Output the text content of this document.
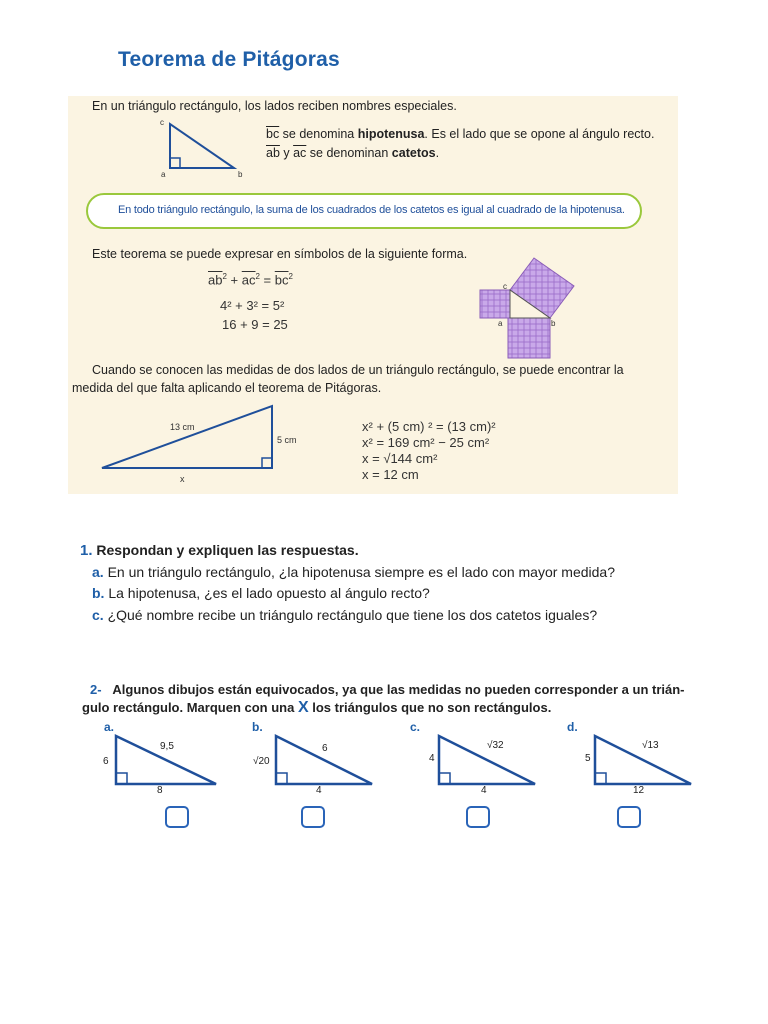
Teorema de Pitágoras
En un triángulo rectángulo, los lados reciben nombres especiales.
c
a	b
$\overline{bc}$ se denomina hipotenusa. Es el lado que se opone al ángulo recto.
$\overline{ab}$ y $\overline{ac}$ se denominan catetos.
En todo triángulo rectángulo, la suma de los cuadrados de los catetos es igual al cuadrado de la hipotenusa.
Este teorema se puede expresar en símbolos de la siguiente forma.
$\overline{ab}^2 + \overline{ac}^2 = \overline{bc}^2$
4² + 3² = 5²
16 + 9 = 25
c
a	b
Cuando se conocen las medidas de dos lados de un triángulo rectángulo, se puede encontrar la
medida del que falta aplicando el teorema de Pitágoras.
13 cm
5 cm
x
x² + (5 cm) ² = (13 cm)²
x² = 169 cm² − 25 cm²
x = √144 cm²
x = 12 cm
1. Respondan y expliquen las respuestas.
a. En un triángulo rectángulo, ¿la hipotenusa siempre es el lado con mayor medida?
b. La hipotenusa, ¿es el lado opuesto al ángulo recto?
c. ¿Qué nombre recibe un triángulo rectángulo que tiene los dos catetos iguales?
2- Algunos dibujos están equivocados, ya que las medidas no pueden corresponder a un trián-
gulo rectángulo. Marquen con una X los triángulos que no son rectángulos.
a.
6
8
9,5
b.
√20
4
6
c.
4
4
√32
d.
5
12
√13
